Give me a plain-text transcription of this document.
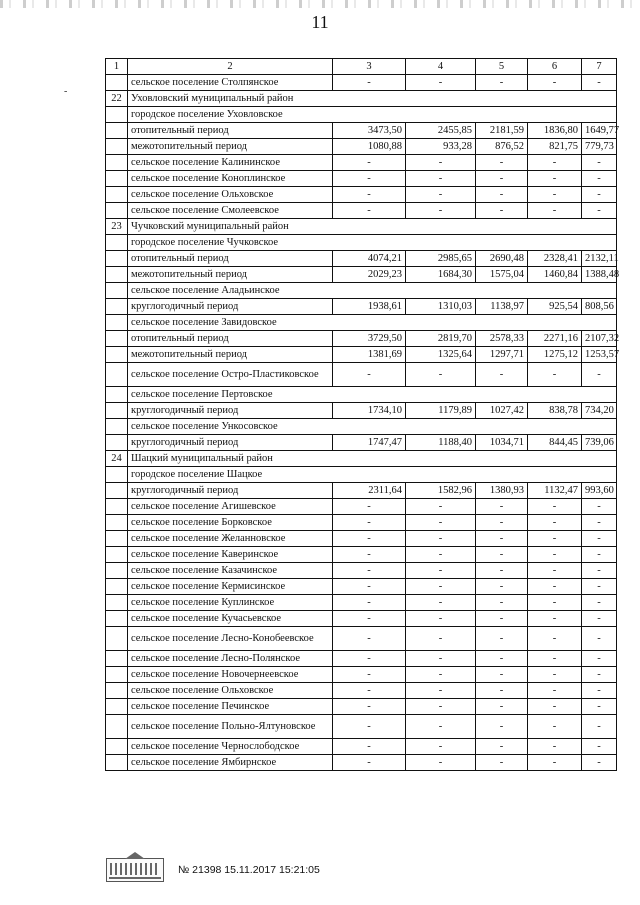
11
-
1	2	3	4	5	6	7
	сельское поселение Столпянское	-	-	-	-	-
22	Уховловский муниципальный район					
	городское поселение Уховловское					
	отопительный период	3473,50	2455,85	2181,59	1836,80	1649,77
	межотопительный период	1080,88	933,28	876,52	821,75	779,73
	сельское поселение Калининское	-	-	-	-	-
	сельское поселение Коноплинское	-	-	-	-	-
	сельское поселение Ольховское	-	-	-	-	-
	сельское поселение Смолеевское	-	-	-	-	-
23	Чучковский муниципальный район					
	городское поселение Чучковское					
	отопительный период	4074,21	2985,65	2690,48	2328,41	2132,11
	межотопительный период	2029,23	1684,30	1575,04	1460,84	1388,48
	сельское поселение Аладьинское					
	круглогодичный период	1938,61	1310,03	1138,97	925,54	808,56
	сельское поселение Завидовское					
	отопительный период	3729,50	2819,70	2578,33	2271,16	2107,32
	межотопительный период	1381,69	1325,64	1297,71	1275,12	1253,57
	сельское поселение Остро-Пластиковское	-	-	-	-	-
	сельское поселение Пертовское					
	круглогодичный период	1734,10	1179,89	1027,42	838,78	734,20
	сельское поселение Ункосовское					
	круглогодичный период	1747,47	1188,40	1034,71	844,45	739,06
24	Шацкий муниципальный район					
	городское поселение Шацкое					
	круглогодичный период	2311,64	1582,96	1380,93	1132,47	993,60
	сельское поселение Агишевское	-	-	-	-	-
	сельское поселение Борковское	-	-	-	-	-
	сельское поселение Желанновское	-	-	-	-	-
	сельское поселение Каверинское	-	-	-	-	-
	сельское поселение Казачинское	-	-	-	-	-
	сельское поселение Кермисинское	-	-	-	-	-
	сельское поселение Куплинское	-	-	-	-	-
	сельское поселение Кучасьевское	-	-	-	-	-
	сельское поселение Лесно-Конобеевское	-	-	-	-	-
	сельское поселение Лесно-Полянское	-	-	-	-	-
	сельское поселение Новочернеевское	-	-	-	-	-
	сельское поселение Ольховское	-	-	-	-	-
	сельское поселение Печинское	-	-	-	-	-
	сельское поселение Польно-Ялтуновское	-	-	-	-	-
	сельское поселение Чернослободское	-	-	-	-	-
	сельское поселение Ямбирнское	-	-	-	-	-
№ 21398 15.11.2017 15:21:05
